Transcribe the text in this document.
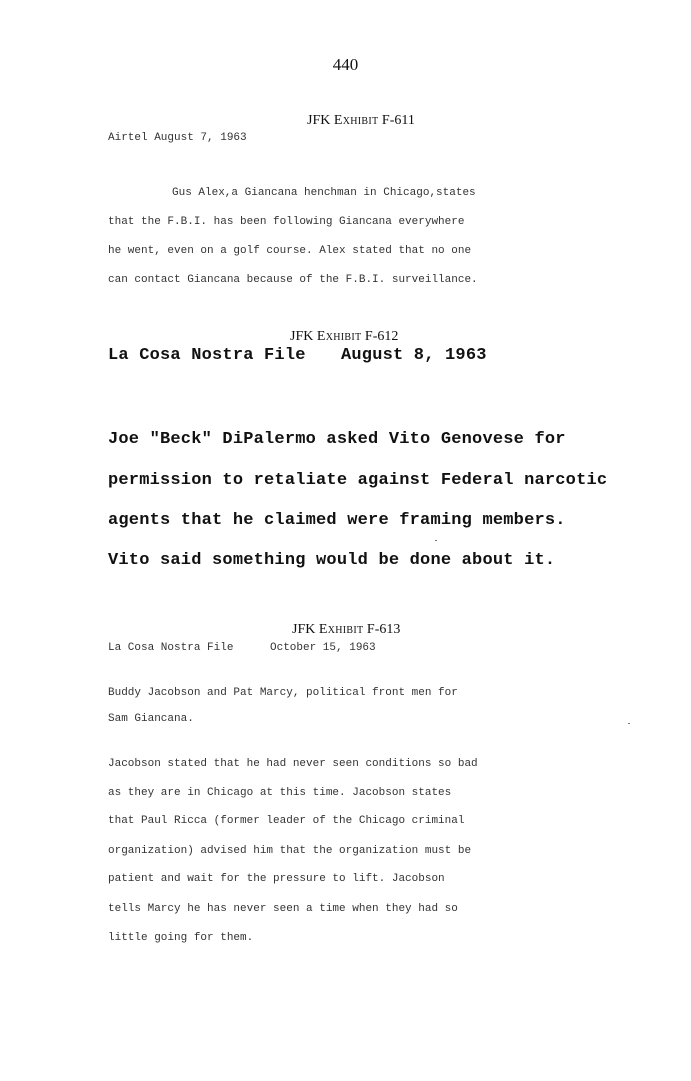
440
JFK Exhibit F-611
Airtel August 7, 1963
Gus Alex,a Giancana henchman in Chicago,states
that the F.B.I. has been following Giancana everywhere
he went, even on a golf course. Alex stated that no one
can contact Giancana because of the F.B.I. surveillance.
JFK Exhibit F-612
La Cosa Nostra File August 8, 1963
Joe "Beck" DiPalermo asked Vito Genovese for
permission to retaliate against Federal narcotic
agents that he claimed were framing members.
Vito said something would be done about it.
JFK Exhibit F-613
La Cosa Nostra File	October 15, 1963
Buddy Jacobson and Pat Marcy, political front men for
Sam Giancana.
Jacobson stated that he had never seen conditions so bad
as they are in Chicago at this time. Jacobson states
that Paul Ricca (former leader of the Chicago criminal
organization) advised him that the organization must be
patient and wait for the pressure to lift. Jacobson
tells Marcy he has never seen a time when they had so
little going for them.
